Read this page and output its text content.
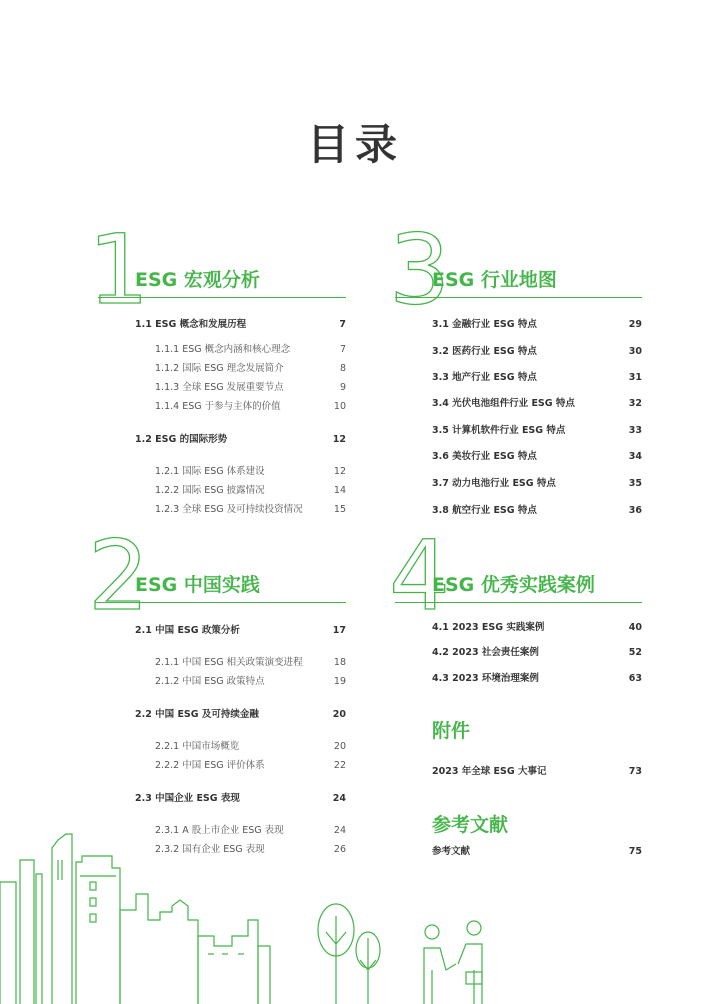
目录
1
ESG 宏观分析
1.1 ESG 概念和发展历程	7
1.1.1 ESG 概念内涵和核心理念	7
1.1.2 国际 ESG 理念发展简介	8
1.1.3 全球 ESG 发展重要节点	9
1.1.4 ESG 于参与主体的价值	10
1.2 ESG 的国际形势	12
1.2.1 国际 ESG 体系建设	12
1.2.2 国际 ESG 披露情况	14
1.2.3 全球 ESG 及可持续投资情况	15
2
ESG 中国实践
2.1 中国 ESG 政策分析	17
2.1.1 中国 ESG 相关政策演变进程	18
2.1.2 中国 ESG 政策特点	19
2.2 中国 ESG 及可持续金融	20
2.2.1 中国市场概览	20
2.2.2 中国 ESG 评价体系	22
2.3 中国企业 ESG 表现	24
2.3.1 A 股上市企业 ESG 表现	24
2.3.2 国有企业 ESG 表现	26
3
ESG 行业地图
3.1 金融行业 ESG 特点	29
3.2 医药行业 ESG 特点	30
3.3 地产行业 ESG 特点	31
3.4 光伏电池组件行业 ESG 特点	32
3.5 计算机软件行业 ESG 特点	33
3.6 美妆行业 ESG 特点	34
3.7 动力电池行业 ESG 特点	35
3.8 航空行业 ESG 特点	36
4
ESG 优秀实践案例
4.1 2023 ESG 实践案例	40
4.2 2023 社会责任案例	52
4.3 2023 环境治理案例	63
附件
2023 年全球 ESG 大事记	73
参考文献
参考文献	75
